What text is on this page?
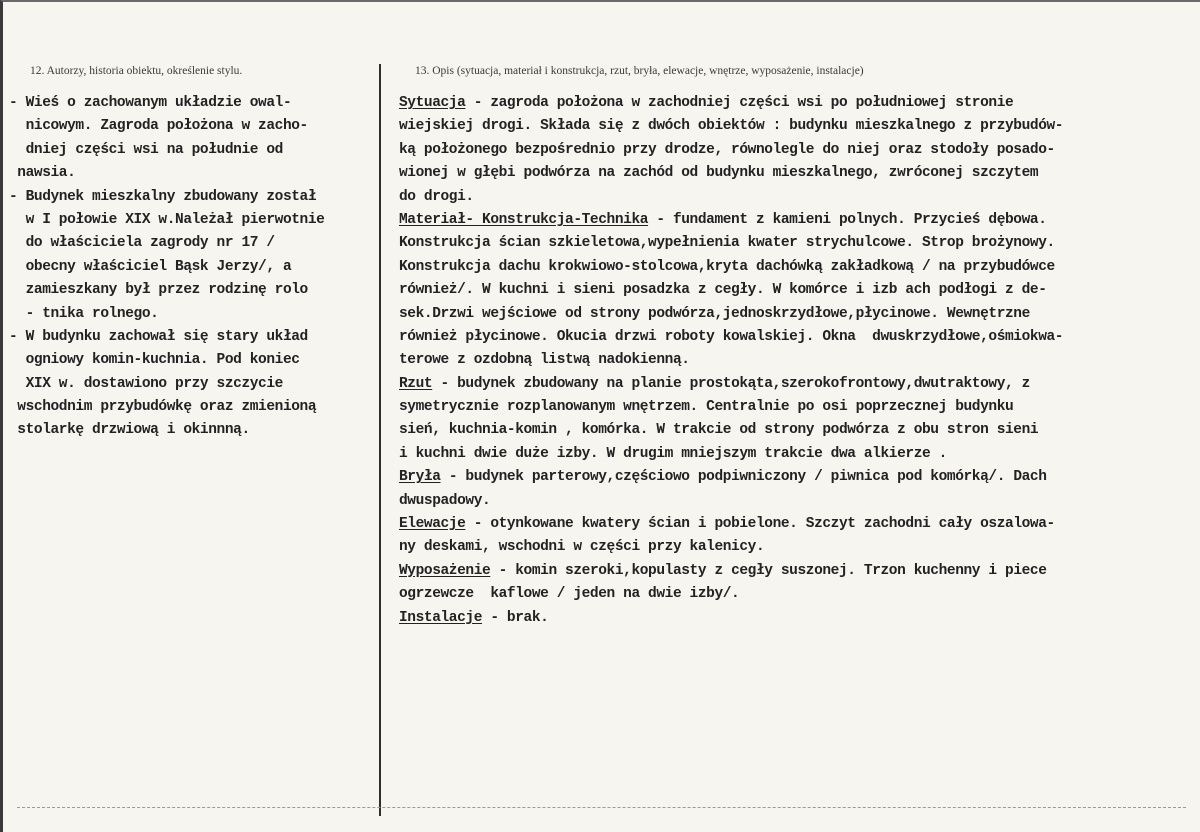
12. Autorzy, historia obiektu, określenie stylu.	13. Opis (sytuacja, materiał i konstrukcja, rzut, bryła, elewacje, wnętrze, wyposażenie, instalacje)
- Wieś o zachowanym układzie owal-
nicowym. Zagroda położona w zacho-
dniej części wsi na południe od
nawsia.
- Budynek mieszkalny zbudowany został
w I połowie XIX w.Należał pierwotnie
do właściciela zagrody nr 17 /
obecny właściciel Bąsk Jerzy/, a
zamieszkany był przez rodzinę rolo
- tnika rolnego.
- W budynku zachował się stary układ
ogniowy komin-kuchnia. Pod koniec
XIX w. dostawiono przy szczycie
wschodnim przybudówkę oraz zmienioną
stolarkę drzwiową i okinnną.
Sytuacja - zagroda położona w zachodniej części wsi po południowej stronie
wiejskiej drogi. Składa się z dwóch obiektów : budynku mieszkalnego z przybudów-
ką położonego bezpośrednio przy drodze, równolegle do niej oraz stodoły posado-
wionej w głębi podwórza na zachód od budynku mieszkalnego, zwróconej szczytem
do drogi.
Materiał- Konstrukcja-Technika - fundament z kamieni polnych. Przycieś dębowa.
Konstrukcja ścian szkieletowa,wypełnienia kwater strychulcowe. Strop brożynowy.
Konstrukcja dachu krokwiowo-stolcowa,kryta dachówką zakładkową / na przybudówce
również/. W kuchni i sieni posadzka z cegły. W komórce i izb ach podłogi z de-
sek.Drzwi wejściowe od strony podwórza,jednoskrzydłowe,płycinowe. Wewnętrzne
również płycinowe. Okucia drzwi roboty kowalskiej. Okna  dwuskrzydłowe,ośmiokwa-
terowe z ozdobną listwą nadokienną.
Rzut - budynek zbudowany na planie prostokąta,szerokofrontowy,dwutraktowy, z
symetrycznie rozplanowanym wnętrzem. Centralnie po osi poprzecznej budynku
sień, kuchnia-komin , komórka. W trakcie od strony podwórza z obu stron sieni
i kuchni dwie duże izby. W drugim mniejszym trakcie dwa alkierze .
Bryła - budynek parterowy,częściowo podpiwniczony / piwnica pod komórką/. Dach
dwuspadowy.
Elewacje - otynkowane kwatery ścian i pobielone. Szczyt zachodni cały oszalowa-
ny deskami, wschodni w części przy kalenicy.
Wyposażenie - komin szeroki,kopulasty z cegły suszonej. Trzon kuchenny i piece
ogrzewcze  kaflowe / jeden na dwie izby/.
Instalacje - brak.
